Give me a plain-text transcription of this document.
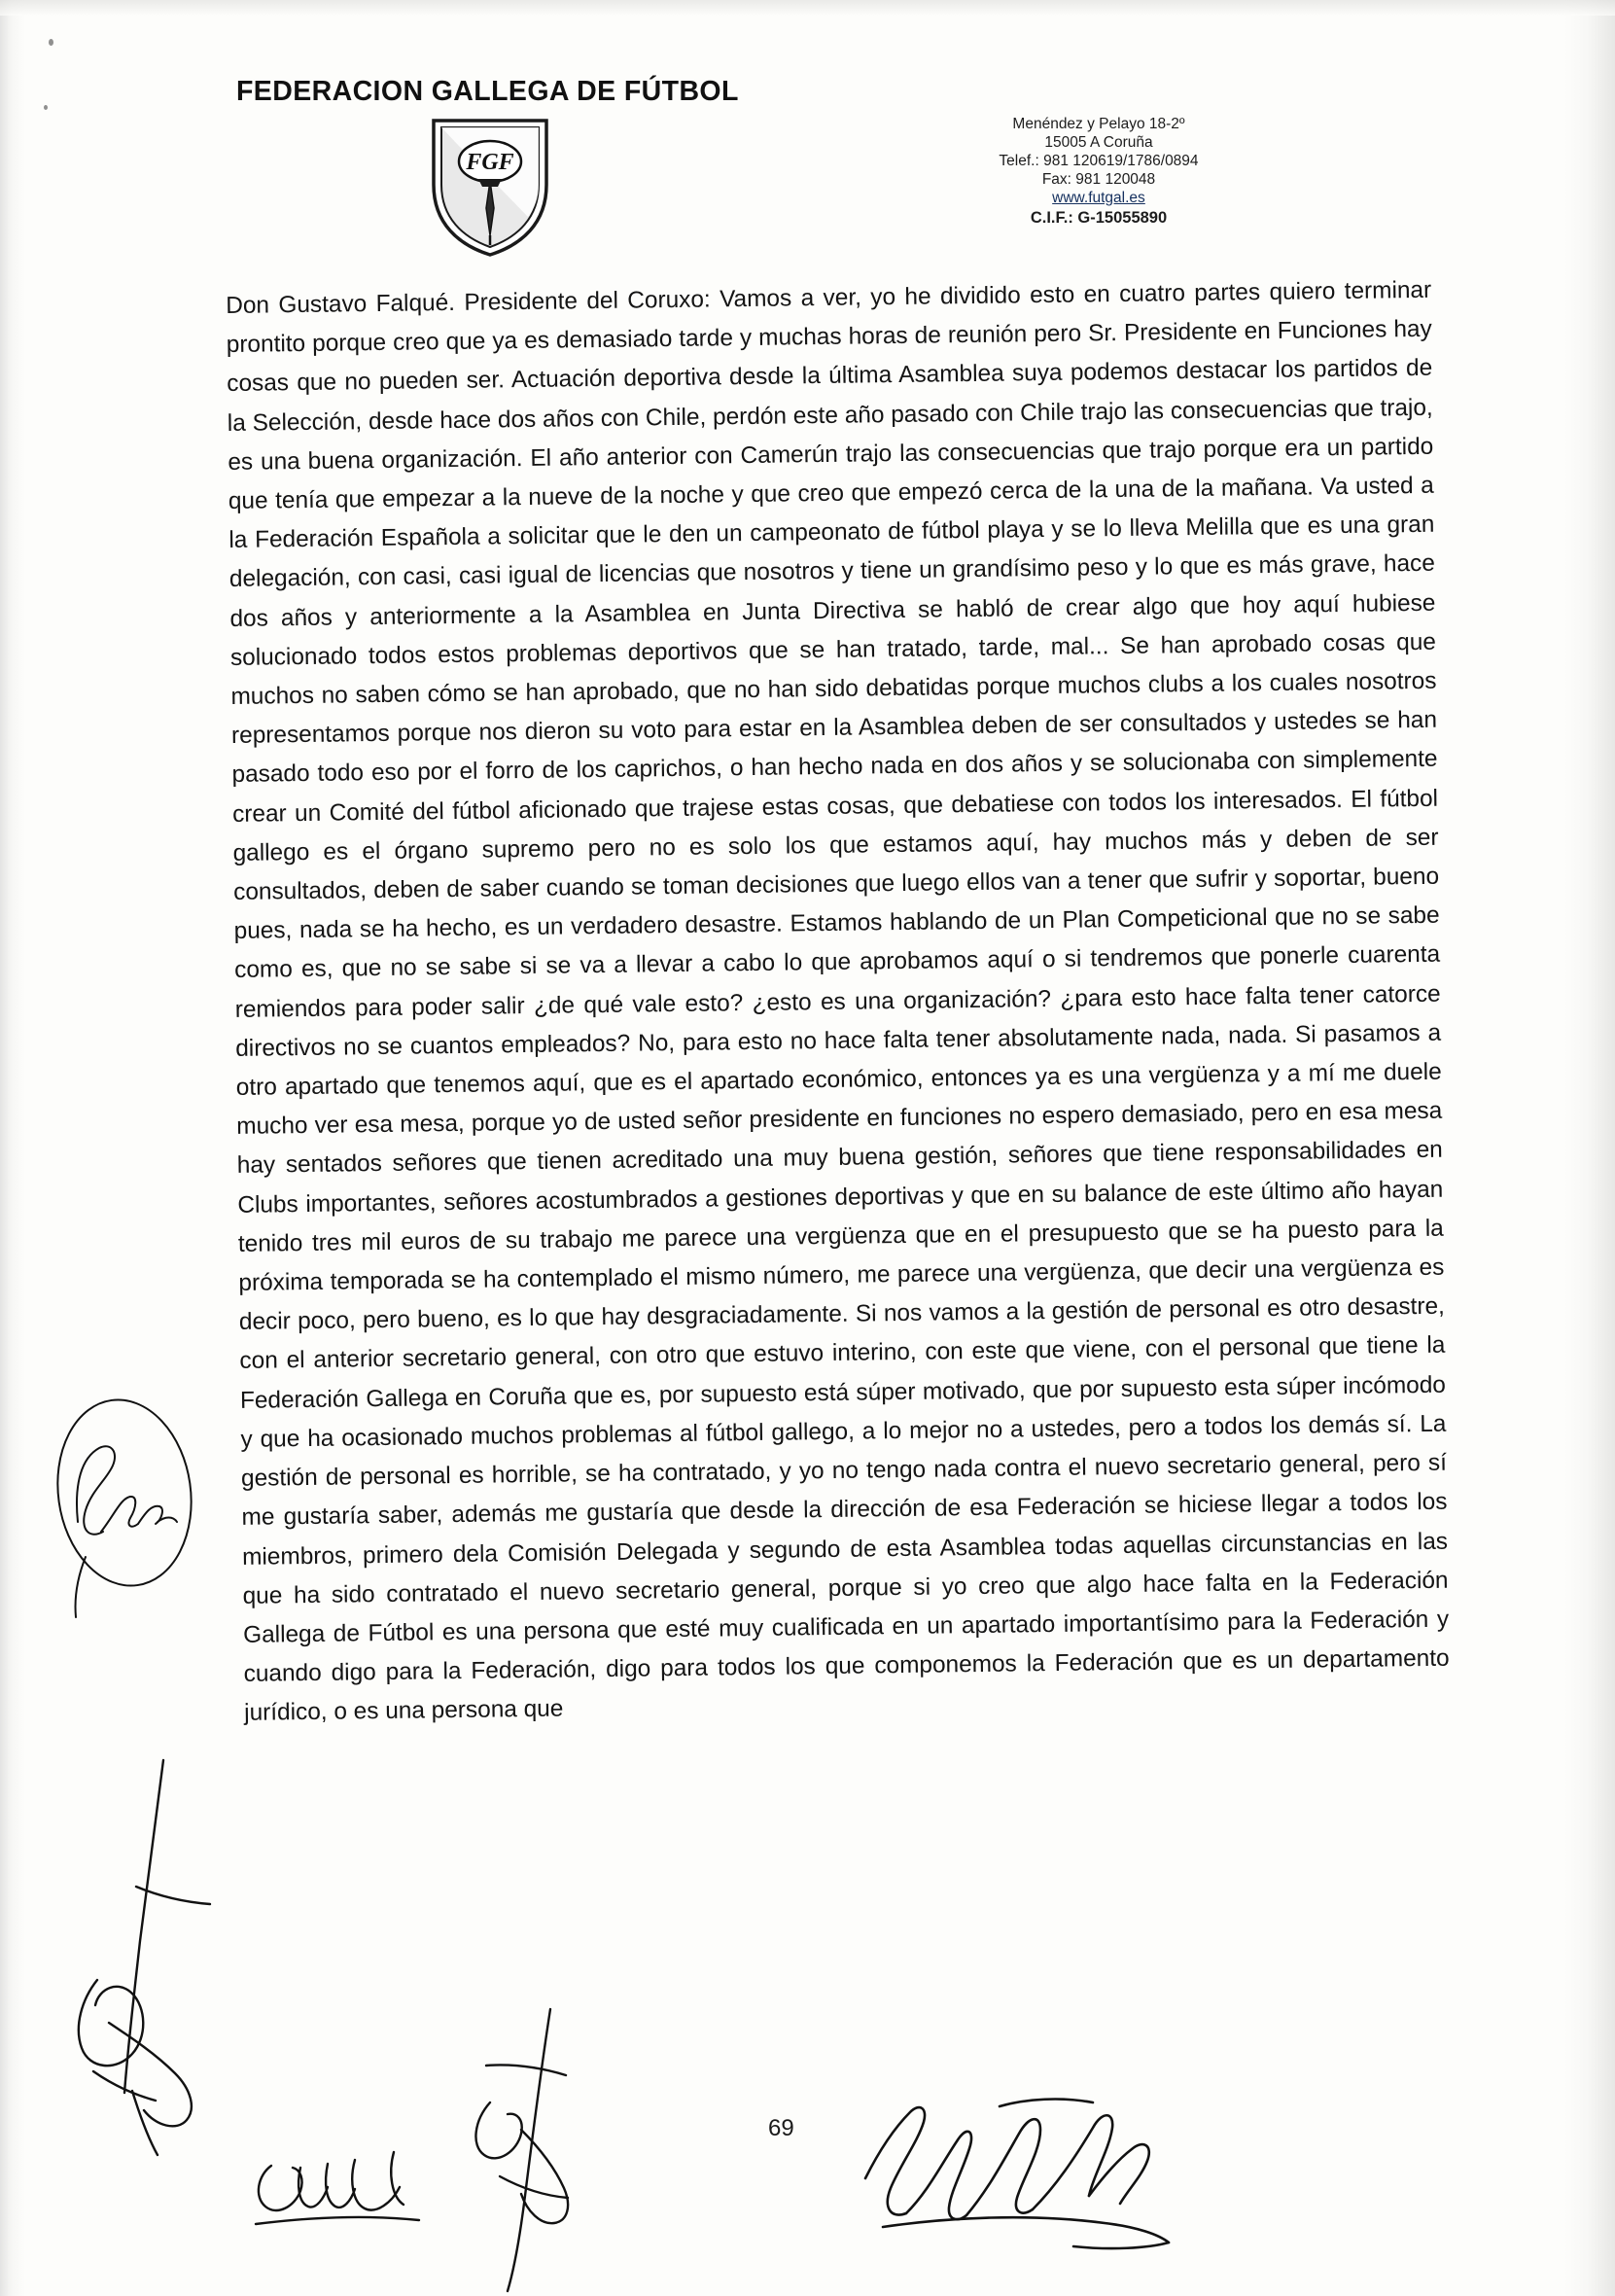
FEDERACION GALLEGA DE FÚTBOL
FGF
Menéndez y Pelayo 18-2º
15005 A Coruña
Telef.: 981 120619/1786/0894
Fax: 981 120048
www.futgal.es
C.I.F.: G-15055890

Don Gustavo Falqué. Presidente del Coruxo: Vamos a ver, yo he dividido esto en cuatro partes quiero terminar prontito porque creo que ya es demasiado tarde y muchas horas de reunión pero Sr. Presidente en Funciones hay cosas que no pueden ser. Actuación deportiva desde la última Asamblea suya podemos destacar los partidos de la Selección, desde hace dos años con Chile, perdón este año pasado con Chile trajo las consecuencias que trajo, es una buena organización. El año anterior con Camerún trajo las consecuencias que trajo porque era un partido que tenía que empezar a la nueve de la noche y que creo que empezó cerca de la una de la mañana. Va usted a la Federación Española a solicitar que le den un campeonato de fútbol playa y se lo lleva Melilla que es una gran delegación, con casi, casi igual de licencias que nosotros y tiene un grandísimo peso y lo que es más grave, hace dos años y anteriormente a la Asamblea en Junta Directiva se habló de crear algo que hoy aquí hubiese solucionado todos estos problemas deportivos que se han tratado, tarde, mal... Se han aprobado cosas que muchos no saben cómo se han aprobado, que no han sido debatidas porque muchos clubs a los cuales nosotros representamos porque nos dieron su voto para estar en la Asamblea deben de ser consultados y ustedes se han pasado todo eso por el forro de los caprichos, o han hecho nada en dos años y se solucionaba con simplemente crear un Comité del fútbol aficionado que trajese estas cosas, que debatiese con todos los interesados. El fútbol gallego es el órgano supremo pero no es solo los que estamos aquí, hay muchos más y deben de ser consultados, deben de saber cuando se toman decisiones que luego ellos van a tener que sufrir y soportar, bueno pues, nada se ha hecho, es un verdadero desastre. Estamos hablando de un Plan Competicional que no se sabe como es, que no se sabe si se va a llevar a cabo lo que aprobamos aquí o si tendremos que ponerle cuarenta remiendos para poder salir ¿de qué vale esto? ¿esto es una organización? ¿para esto hace falta tener catorce directivos no se cuantos empleados? No, para esto no hace falta tener absolutamente nada, nada. Si pasamos a otro apartado que tenemos aquí, que es el apartado económico, entonces ya es una vergüenza y a mí me duele mucho ver esa mesa, porque yo de usted señor presidente en funciones no espero demasiado, pero en esa mesa hay sentados señores que tienen acreditado una muy buena gestión, señores que tiene responsabilidades en Clubs importantes, señores acostumbrados a gestiones deportivas y que en su balance de este último año hayan tenido tres mil euros de su trabajo me parece una vergüenza que en el presupuesto que se ha puesto para la próxima temporada se ha contemplado el mismo número, me parece una vergüenza, que decir una vergüenza es decir poco, pero bueno, es lo que hay desgraciadamente. Si nos vamos a la gestión de personal es otro desastre, con el anterior secretario general, con otro que estuvo interino, con este que viene, con el personal que tiene la Federación Gallega en Coruña que es, por supuesto está súper motivado, que por supuesto esta súper incómodo y que ha ocasionado muchos problemas al fútbol gallego, a lo mejor no a ustedes, pero a todos los demás sí. La gestión de personal es horrible, se ha contratado, y yo no tengo nada contra el nuevo secretario general, pero sí me gustaría saber, además me gustaría que desde la dirección de esa Federación se hiciese llegar a todos los miembros, primero dela Comisión Delegada y segundo de esta Asamblea todas aquellas circunstancias en las que ha sido contratado el nuevo secretario general, porque si yo creo que algo hace falta en la Federación Gallega de Fútbol es una persona que esté muy cualificada en un apartado importantísimo para la Federación y cuando digo para la Federación, digo para todos los que componemos la Federación que es un departamento jurídico, o es una persona que

69
